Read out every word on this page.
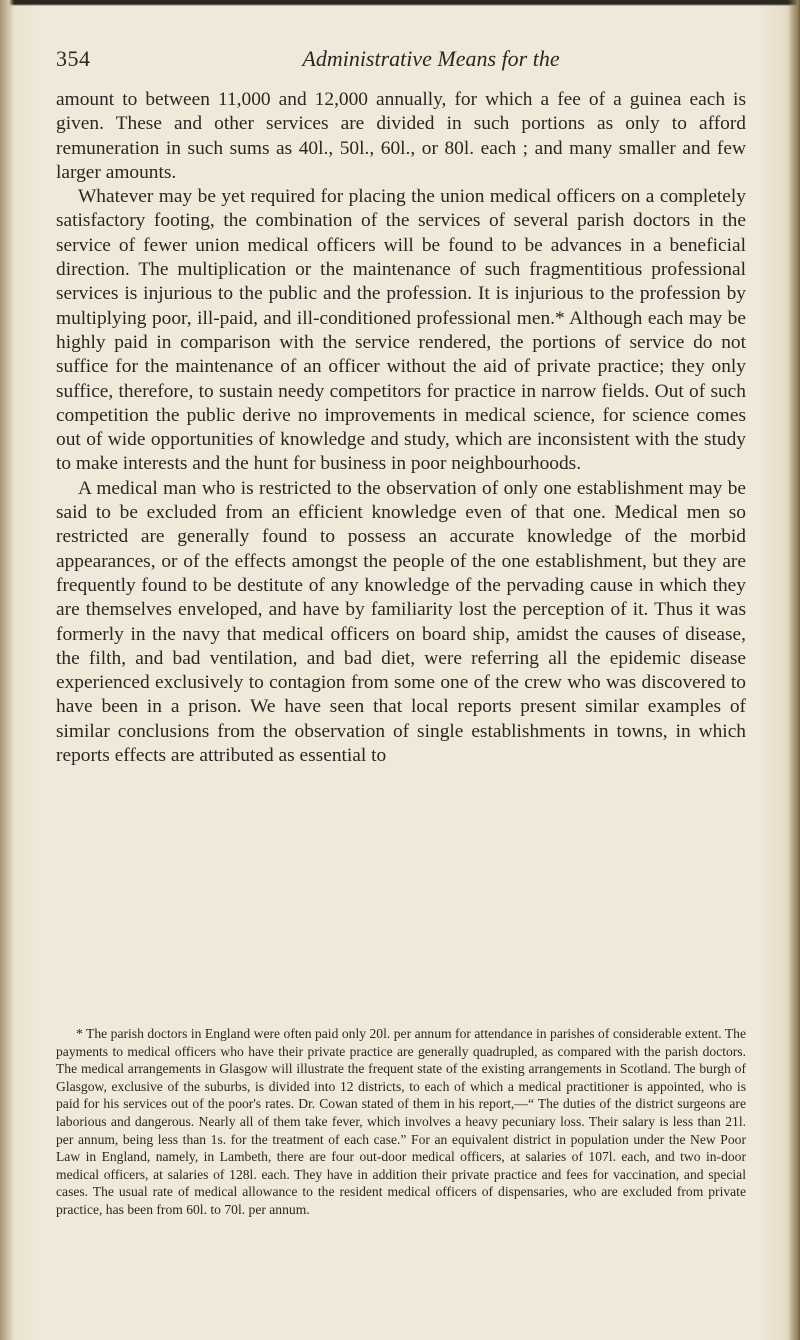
354	Administrative Means for the

amount to between 11,000 and 12,000 annually, for which a fee of a guinea each is given. These and other services are divided in such portions as only to afford remuneration in such sums as 40l., 50l., 60l., or 80l. each ; and many smaller and few larger amounts.

Whatever may be yet required for placing the union medical officers on a completely satisfactory footing, the combination of the services of several parish doctors in the service of fewer union medical officers will be found to be advances in a beneficial direction. The multiplication or the maintenance of such fragmentitious professional services is injurious to the public and the profession. It is injurious to the profession by multiplying poor, ill-paid, and ill-conditioned professional men.* Although each may be highly paid in comparison with the service rendered, the portions of service do not suffice for the maintenance of an officer without the aid of private practice; they only suffice, therefore, to sustain needy competitors for practice in narrow fields. Out of such competition the public derive no improvements in medical science, for science comes out of wide opportunities of knowledge and study, which are inconsistent with the study to make interests and the hunt for business in poor neighbourhoods.

A medical man who is restricted to the observation of only one establishment may be said to be excluded from an efficient knowledge even of that one. Medical men so restricted are generally found to possess an accurate knowledge of the morbid appearances, or of the effects amongst the people of the one establishment, but they are frequently found to be destitute of any knowledge of the pervading cause in which they are themselves enveloped, and have by familiarity lost the perception of it. Thus it was formerly in the navy that medical officers on board ship, amidst the causes of disease, the filth, and bad ventilation, and bad diet, were referring all the epidemic disease experienced exclusively to contagion from some one of the crew who was discovered to have been in a prison. We have seen that local reports present similar examples of similar conclusions from the observation of single establishments in towns, in which reports effects are attributed as essential to

* The parish doctors in England were often paid only 20l. per annum for attendance in parishes of considerable extent. The payments to medical officers who have their private practice are generally quadrupled, as compared with the parish doctors. The medical arrangements in Glasgow will illustrate the frequent state of the existing arrangements in Scotland. The burgh of Glasgow, exclusive of the suburbs, is divided into 12 districts, to each of which a medical practitioner is appointed, who is paid for his services out of the poor's rates. Dr. Cowan stated of them in his report,—“ The duties of the district surgeons are laborious and dangerous. Nearly all of them take fever, which involves a heavy pecuniary loss. Their salary is less than 21l. per annum, being less than 1s. for the treatment of each case.” For an equivalent district in population under the New Poor Law in England, namely, in Lambeth, there are four out-door medical officers, at salaries of 107l. each, and two in-door medical officers, at salaries of 128l. each. They have in addition their private practice and fees for vaccination, and special cases. The usual rate of medical allowance to the resident medical officers of dispensaries, who are excluded from private practice, has been from 60l. to 70l. per annum.
